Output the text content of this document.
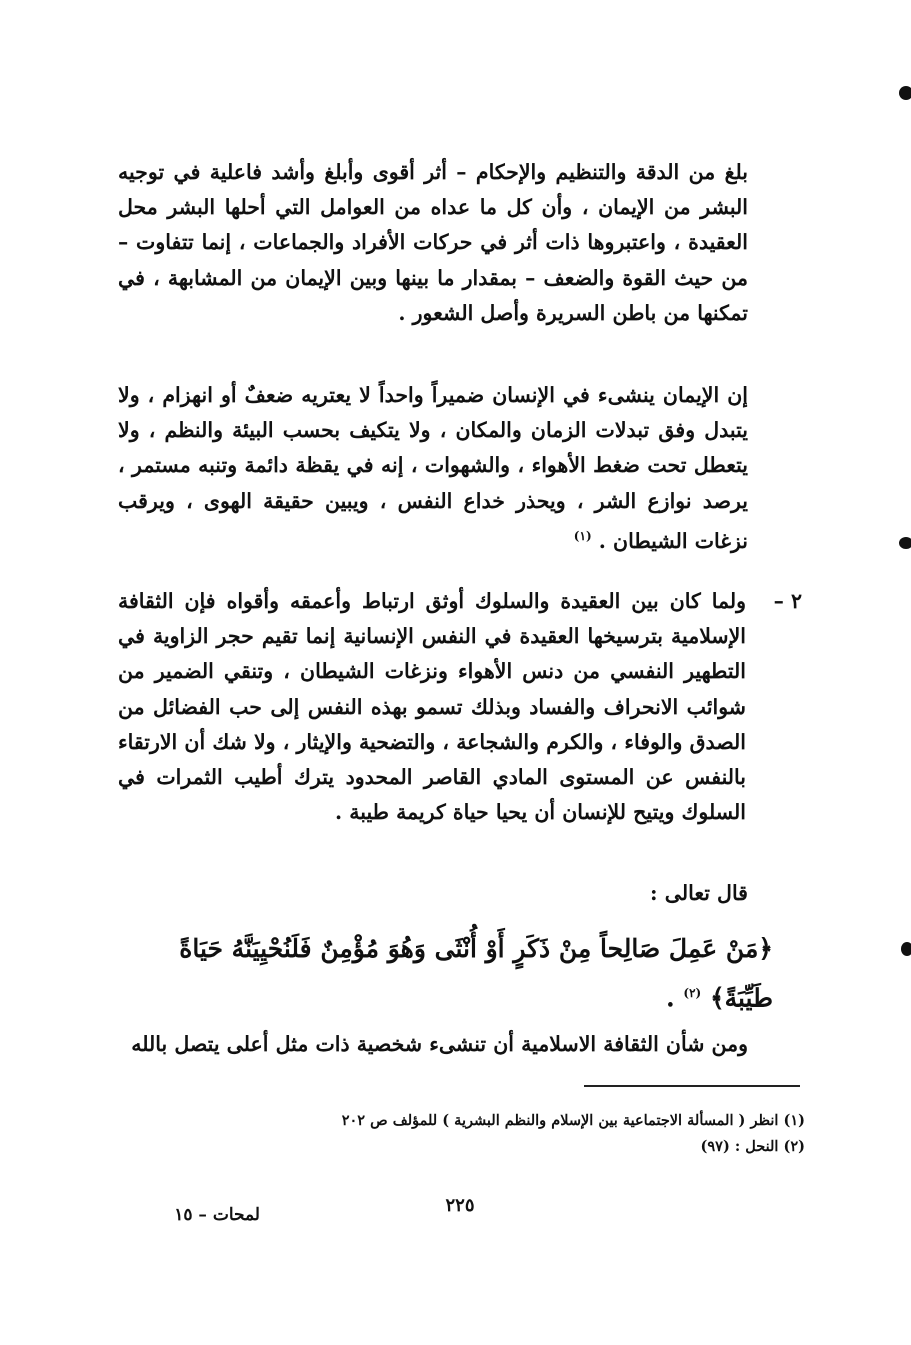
بلغ من الدقة والتنظيم والإحكام – أثر أقوى وأبلغ وأشد فاعلية في توجيه البشر من الإيمان ، وأن كل ما عداه من العوامل التي أحلها البشر محل العقيدة ، واعتبروها ذات أثر في حركات الأفراد والجماعات ، إنما تتفاوت – من حيث القوة والضعف – بمقدار ما بينها وبين الإيمان من المشابهة ، في تمكنها من باطن السريرة وأصل الشعور .

إن الإيمان ينشىء في الإنسان ضميراً واحداً لا يعتريه ضعفٌ أو انهزام ، ولا يتبدل وفق تبدلات الزمان والمكان ، ولا يتكيف بحسب البيئة والنظم ، ولا يتعطل تحت ضغط الأهواء ، والشهوات ، إنه في يقظة دائمة وتنبه مستمر ، يرصد نوازع الشر ، ويحذر خداع النفس ، ويبين حقيقة الهوى ، ويرقب نزغات الشيطان . $^{(١)}$

٢ –

ولما كان بين العقيدة والسلوك أوثق ارتباط وأعمقه وأقواه فإن الثقافة الإسلامية بترسيخها العقيدة في النفس الإنسانية إنما تقيم حجر الزاوية في التطهير النفسي من دنس الأهواء ونزغات الشيطان ، وتنقي الضمير من شوائب الانحراف والفساد وبذلك تسمو بهذه النفس إلى حب الفضائل من الصدق والوفاء ، والكرم والشجاعة ، والتضحية والإيثار ، ولا شك أن الارتقاء بالنفس عن المستوى المادي القاصر المحدود يترك أطيب الثمرات في السلوك ويتيح للإنسان أن يحيا حياة كريمة طيبة .

قال تعالى :

﴿مَنْ عَمِلَ صَالِحاً مِنْ ذَكَرٍ أَوْ أُنْثَى وَهُوَ مُؤْمِنٌ فَلَنُحْيِيَنَّهُ حَيَاةً طَيِّبَةً﴾ $^{(٢)}$ .

ومن شأن الثقافة الاسلامية أن تنشىء شخصية ذات مثل أعلى يتصل بالله

(١) انظر ( المسألة الاجتماعية بين الإسلام والنظم البشرية ) للمؤلف ص ٢٠٢

(٢) النحل : (٩٧)

٢٢٥
لمحات – ١٥
